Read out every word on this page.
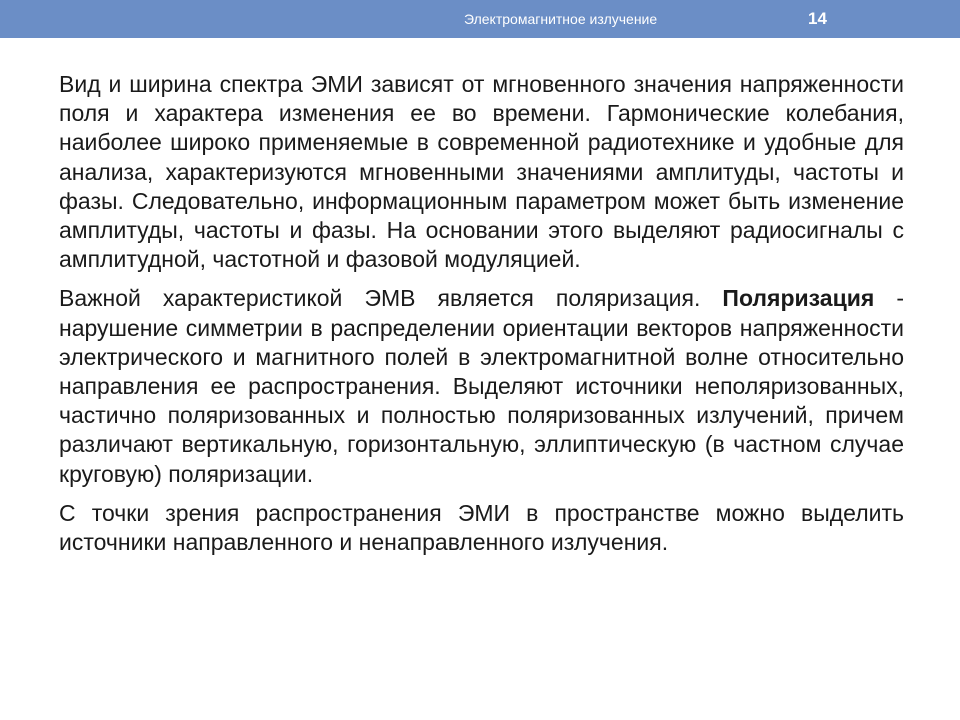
Электромагнитное излучение	14

Вид и ширина спектра ЭМИ зависят от мгновенного значения напряженности поля и характера изменения ее во времени. Гармонические колебания, наиболее широко применяемые в современной радиотехнике и удобные для анализа, характеризуются мгновенными значениями амплитуды, частоты и фазы. Следовательно, информационным параметром может быть изменение амплитуды, частоты и фазы. На основании этого выделяют радиосигналы с амплитудной, частотной и фазовой модуляцией.

Важной характеристикой ЭМВ является поляризация. Поляризация - нарушение симметрии в распределении ориентации векторов напряженности электрического и магнитного полей в электромагнитной волне относительно направления ее распространения. Выделяют источники неполяризованных, частично поляризованных и полностью поляризованных излучений, причем различают вертикальную, горизонтальную, эллиптическую (в частном случае круговую) поляризации.

С точки зрения распространения ЭМИ в пространстве можно выделить источники направленного и ненаправленного излучения.
